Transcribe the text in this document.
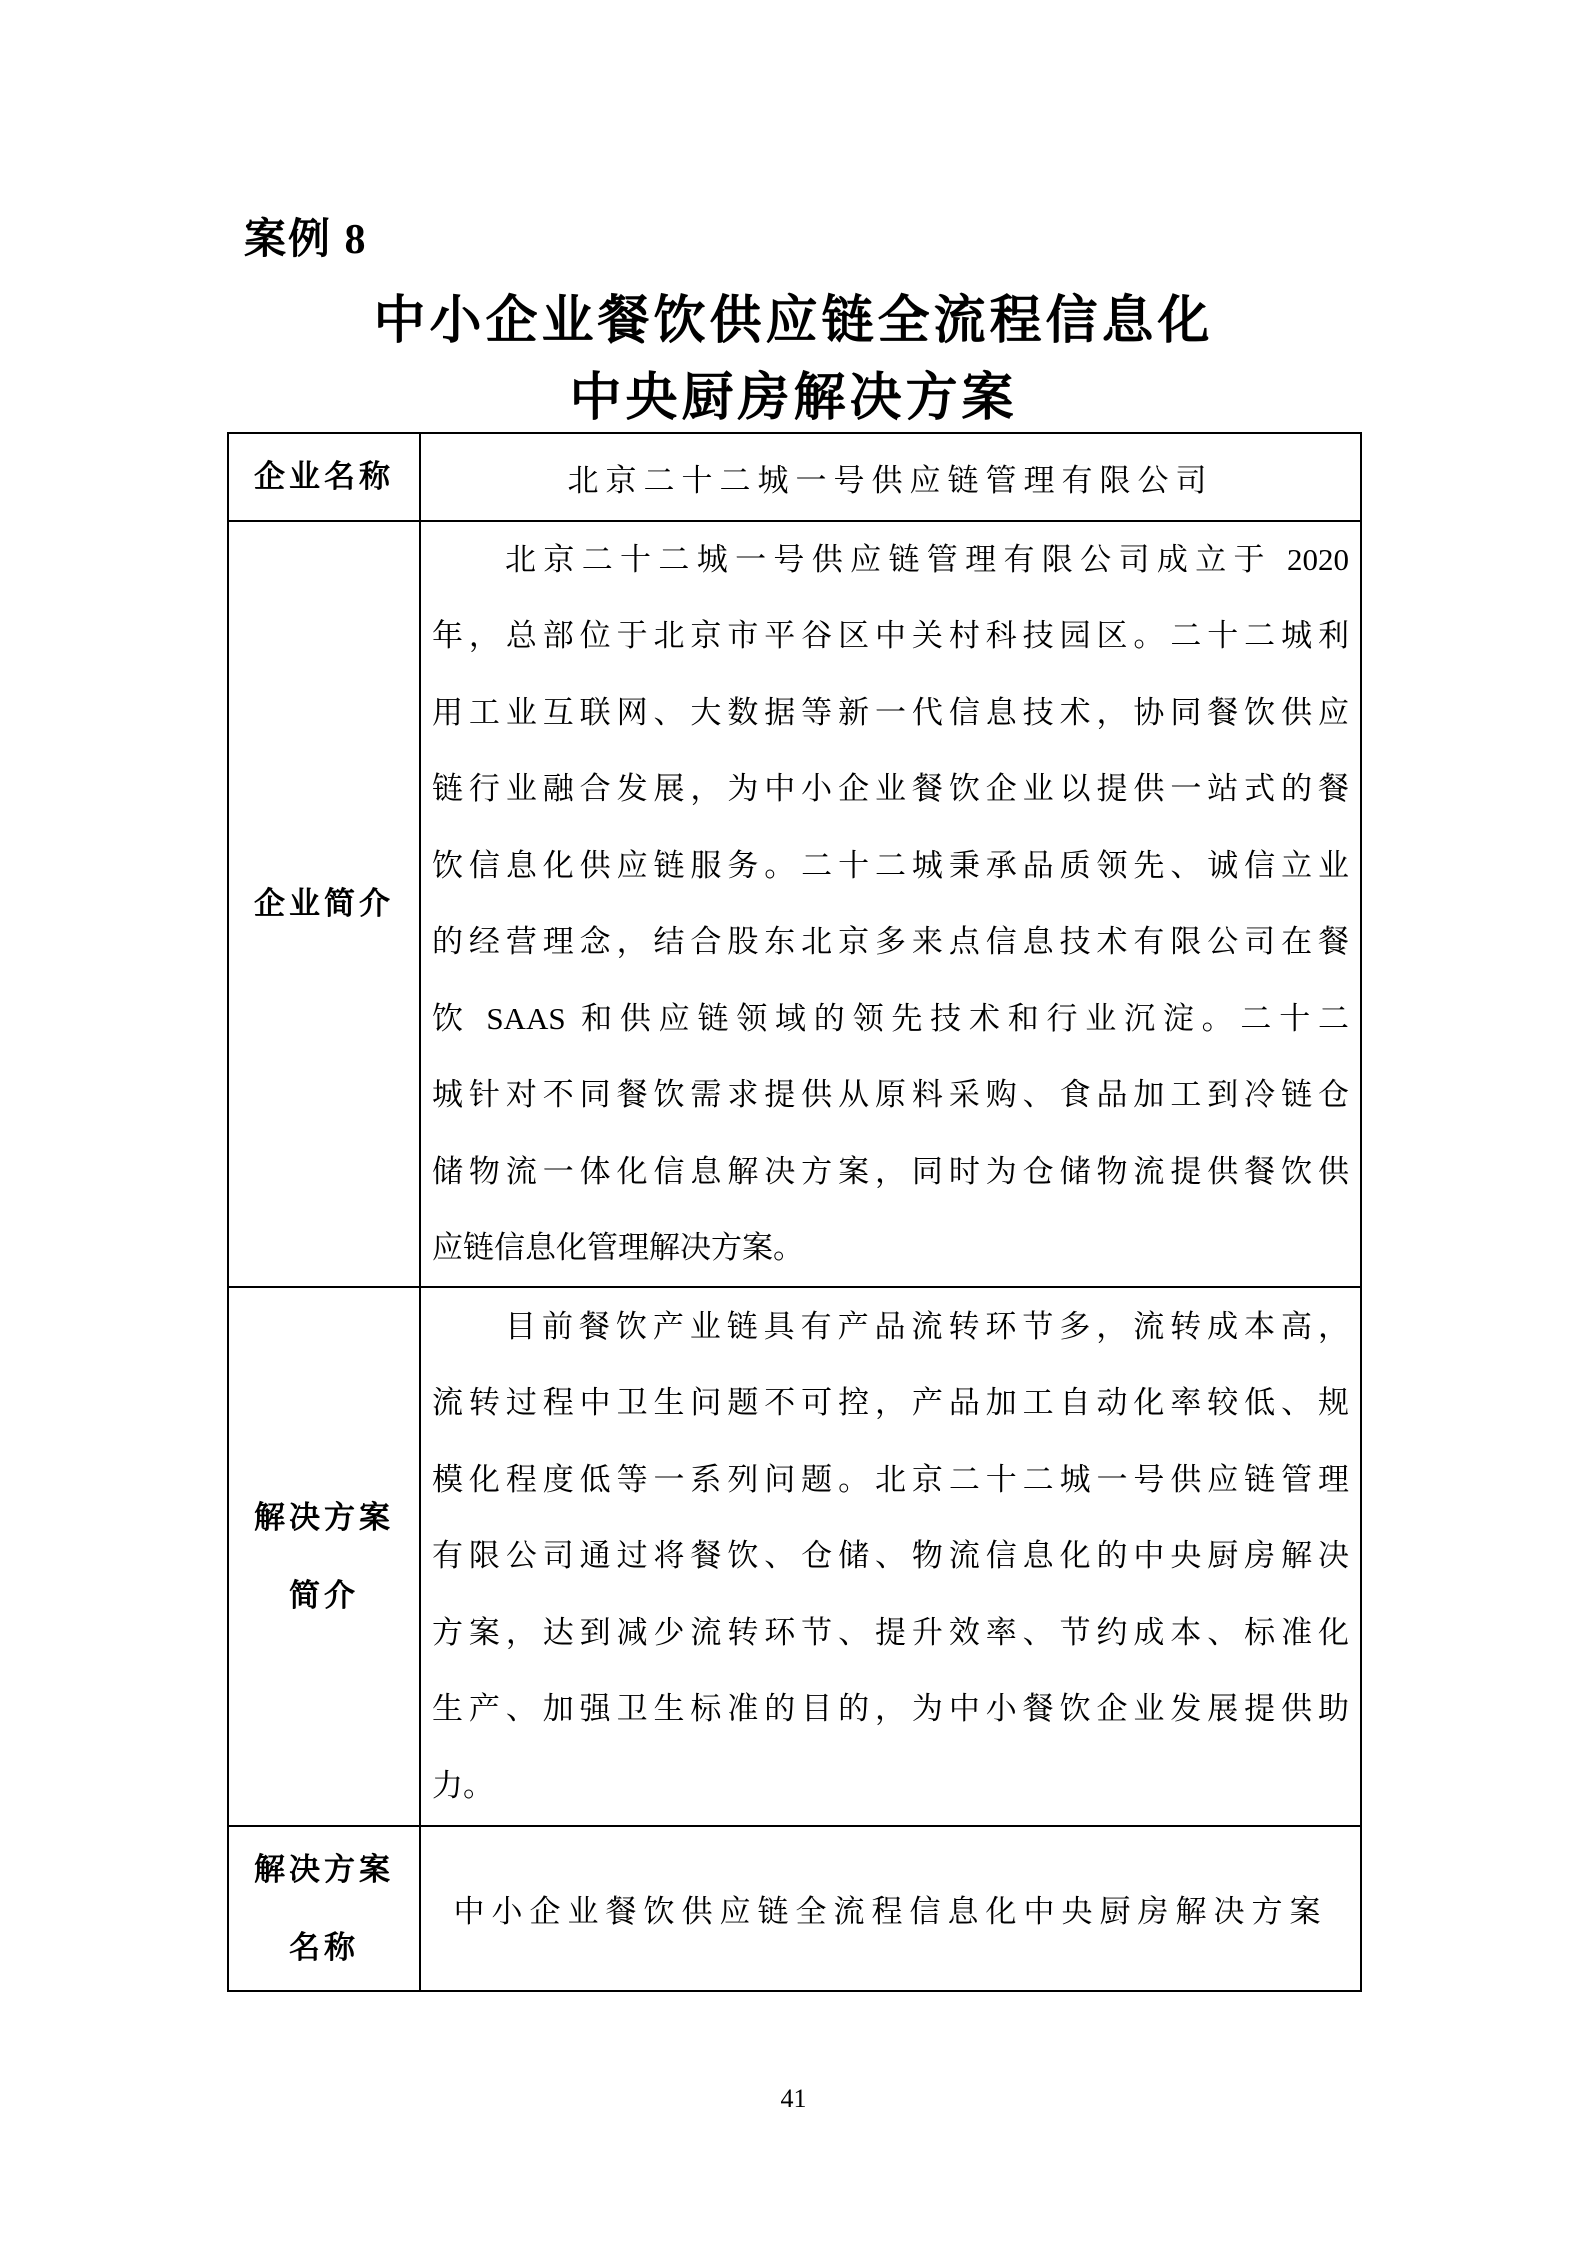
案例 8
中小企业餐饮供应链全流程信息化
中央厨房解决方案
企业名称	北京二十二城一号供应链管理有限公司
企业简介
北京二十二城一号供应链管理有限公司成立于 2020
年，总部位于北京市平谷区中关村科技园区。二十二城利
用工业互联网、大数据等新一代信息技术，协同餐饮供应
链行业融合发展，为中小企业餐饮企业以提供一站式的餐
饮信息化供应链服务。二十二城秉承品质领先、诚信立业
的经营理念，结合股东北京多来点信息技术有限公司在餐
饮 SAAS 和供应链领域的领先技术和行业沉淀。二十二
城针对不同餐饮需求提供从原料采购、食品加工到冷链仓
储物流一体化信息解决方案，同时为仓储物流提供餐饮供
应链信息化管理解决方案。
解决方案
简介
目前餐饮产业链具有产品流转环节多，流转成本高，
流转过程中卫生问题不可控，产品加工自动化率较低、规
模化程度低等一系列问题。北京二十二城一号供应链管理
有限公司通过将餐饮、仓储、物流信息化的中央厨房解决
方案，达到减少流转环节、提升效率、节约成本、标准化
生产、加强卫生标准的目的，为中小餐饮企业发展提供助
力。
解决方案
名称
中小企业餐饮供应链全流程信息化中央厨房解决方案
41
